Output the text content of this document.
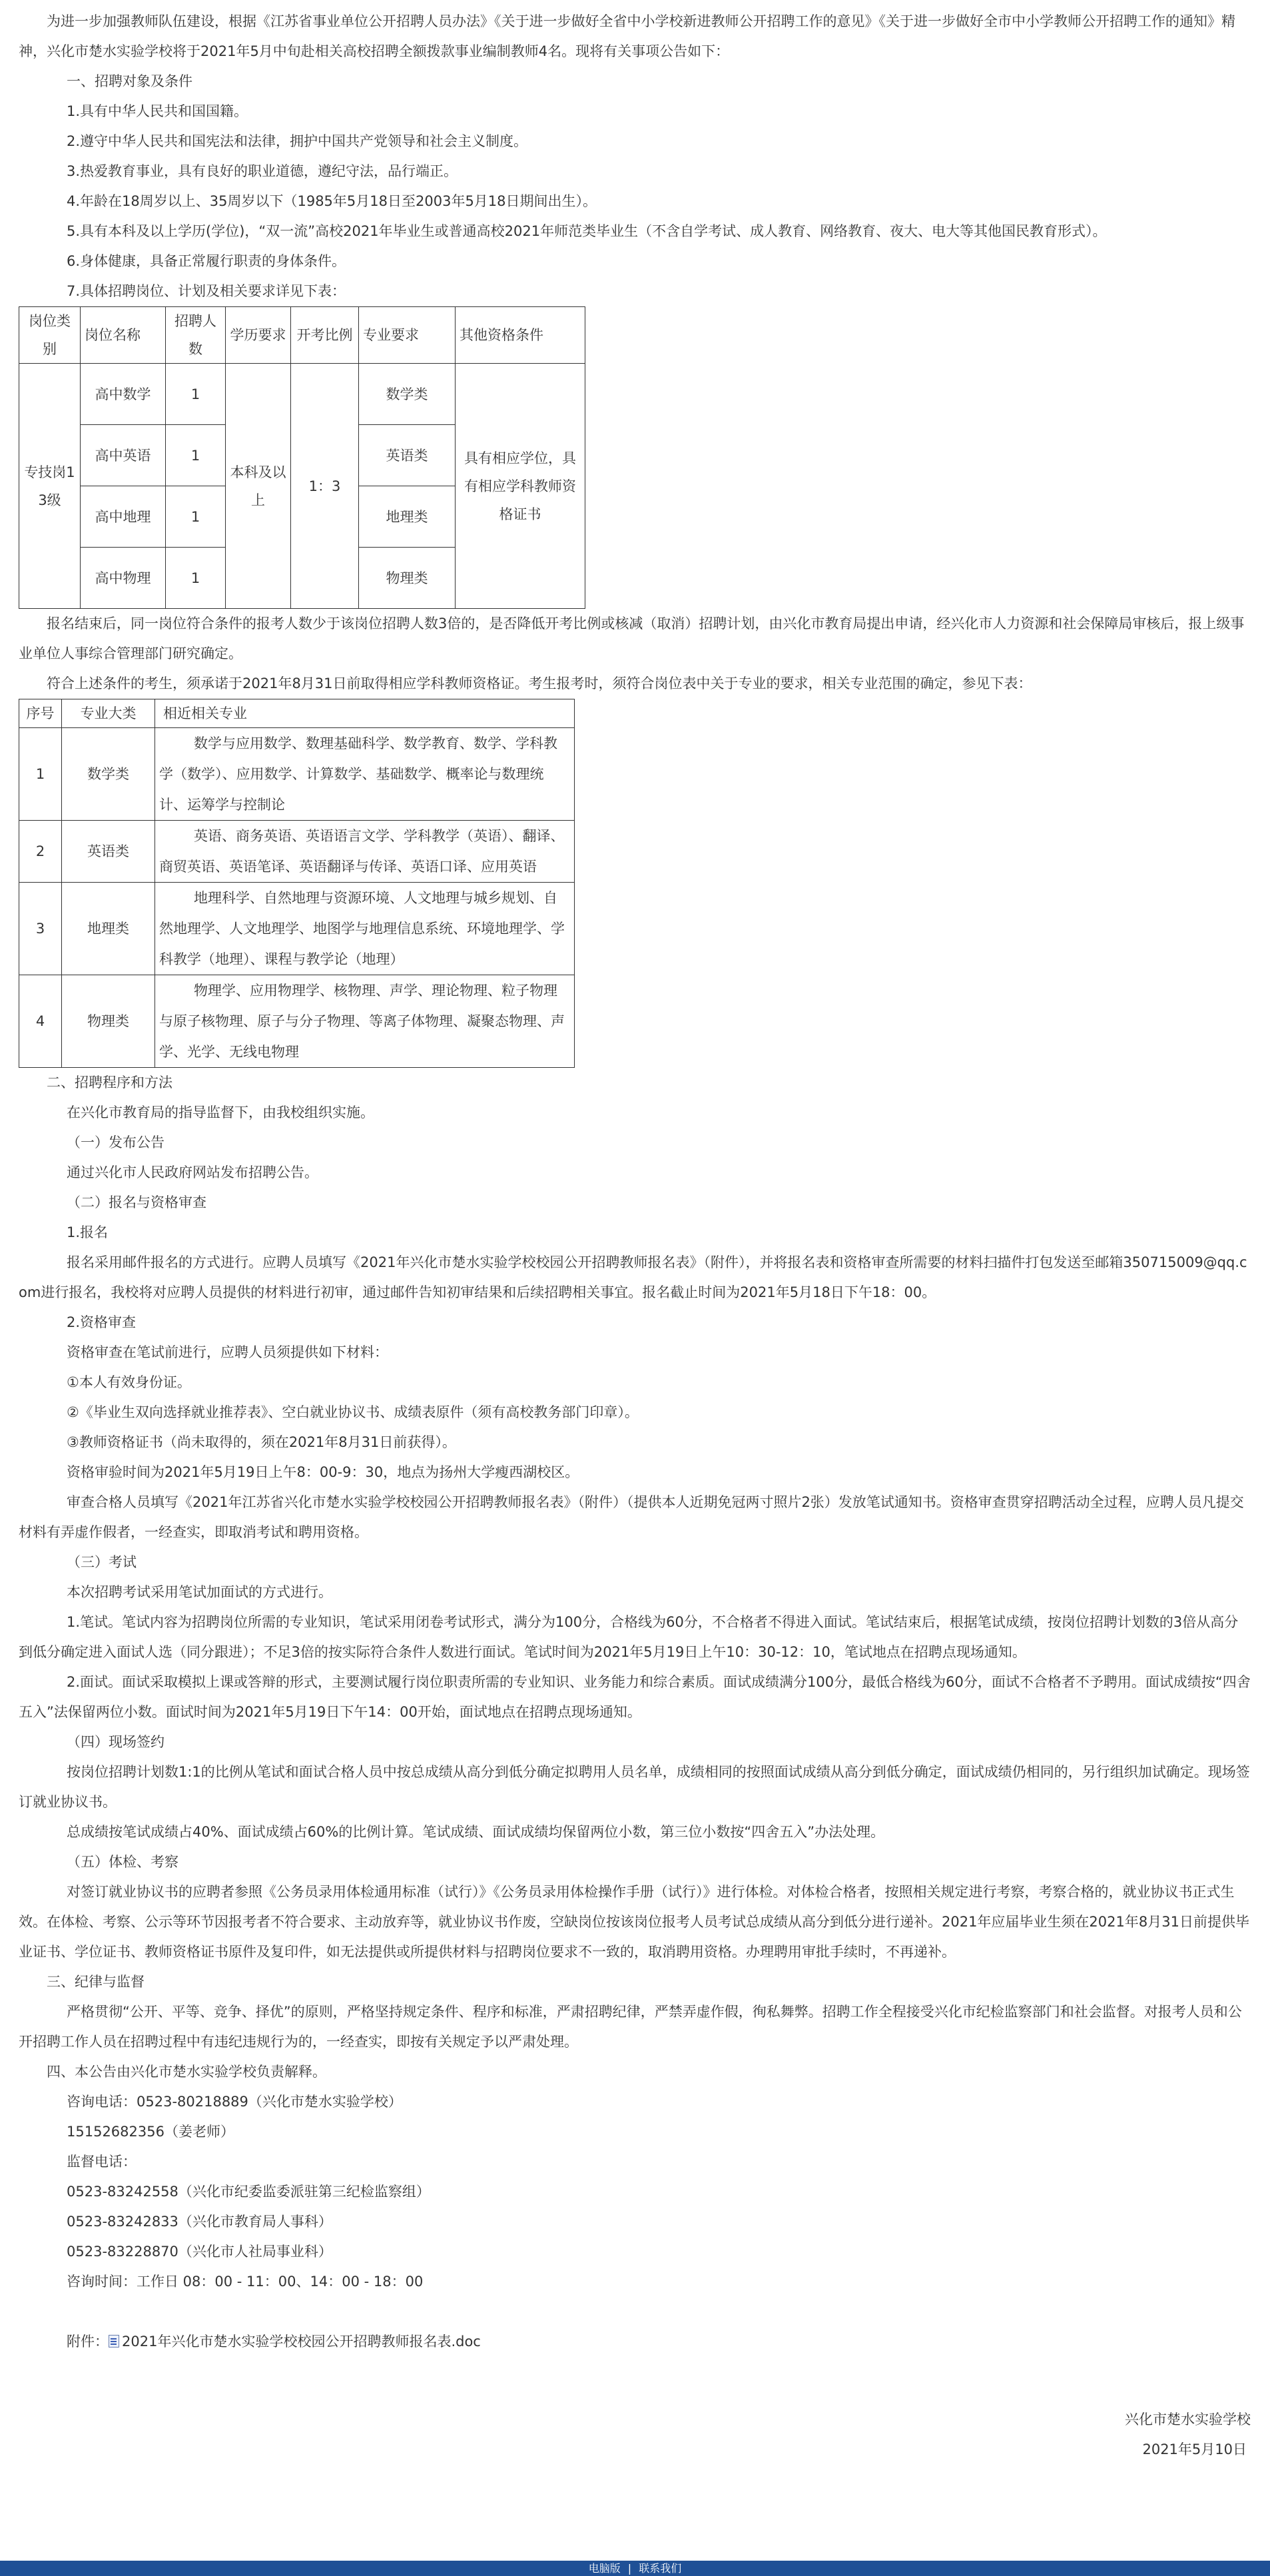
为进一步加强教师队伍建设，根据《江苏省事业单位公开招聘人员办法》《关于进一步做好全省中小学校新进教师公开招聘工作的意见》《关于进一步做好全市中小学教师公开招聘工作的通知》精神，兴化市楚水实验学校将于2021年5月中旬赴相关高校招聘全额拨款事业编制教师4名。现将有关事项公告如下：

一、招聘对象及条件

1.具有中华人民共和国国籍。

2.遵守中华人民共和国宪法和法律，拥护中国共产党领导和社会主义制度。

3.热爱教育事业，具有良好的职业道德，遵纪守法，品行端正。

4.年龄在18周岁以上、35周岁以下（1985年5月18日至2003年5月18日期间出生）。

5.具有本科及以上学历(学位)，“双一流”高校2021年毕业生或普通高校2021年师范类毕业生（不含自学考试、成人教育、网络教育、夜大、电大等其他国民教育形式）。

6.身体健康，具备正常履行职责的身体条件。

7.具体招聘岗位、计划及相关要求详见下表：

岗位类别	岗位名称	招聘人数	学历要求	开考比例	专业要求	其他资格条件
专技岗13级	高中数学	1	本科及以上	1：3	数学类	具有相应学位，具有相应学科教师资格证书
	高中英语	1			英语类	
	高中地理	1			地理类	
	高中物理	1			物理类	

报名结束后，同一岗位符合条件的报考人数少于该岗位招聘人数3倍的，是否降低开考比例或核减（取消）招聘计划，由兴化市教育局提出申请，经兴化市人力资源和社会保障局审核后，报上级事业单位人事综合管理部门研究确定。

符合上述条件的考生，须承诺于2021年8月31日前取得相应学科教师资格证。考生报考时，须符合岗位表中关于专业的要求，相关专业范围的确定，参见下表：

序号	专业大类	相近相关专业
1	数学类	数学与应用数学、数理基础科学、数学教育、数学、学科教学（数学）、应用数学、计算数学、基础数学、概率论与数理统计、运筹学与控制论
2	英语类	英语、商务英语、英语语言文学、学科教学（英语）、翻译、商贸英语、英语笔译、英语翻译与传译、英语口译、应用英语
3	地理类	地理科学、自然地理与资源环境、人文地理与城乡规划、自然地理学、人文地理学、地图学与地理信息系统、环境地理学、学科教学（地理）、课程与教学论（地理）
4	物理类	物理学、应用物理学、核物理、声学、理论物理、粒子物理与原子核物理、原子与分子物理、等离子体物理、凝聚态物理、声学、光学、无线电物理

二、招聘程序和方法

在兴化市教育局的指导监督下，由我校组织实施。

（一）发布公告

通过兴化市人民政府网站发布招聘公告。

（二）报名与资格审查

1.报名

报名采用邮件报名的方式进行。应聘人员填写《2021年兴化市楚水实验学校校园公开招聘教师报名表》（附件），并将报名表和资格审查所需要的材料扫描件打包发送至邮箱350715009@qq.com进行报名，我校将对应聘人员提供的材料进行初审，通过邮件告知初审结果和后续招聘相关事宜。报名截止时间为2021年5月18日下午18：00。

2.资格审查

资格审查在笔试前进行，应聘人员须提供如下材料：

①本人有效身份证。

②《毕业生双向选择就业推荐表》、空白就业协议书、成绩表原件（须有高校教务部门印章）。

③教师资格证书（尚未取得的，须在2021年8月31日前获得）。

资格审验时间为2021年5月19日上午8：00-9：30，地点为扬州大学瘦西湖校区。

审查合格人员填写《2021年江苏省兴化市楚水实验学校校园公开招聘教师报名表》（附件）（提供本人近期免冠两寸照片2张）发放笔试通知书。资格审查贯穿招聘活动全过程，应聘人员凡提交材料有弄虚作假者，一经查实，即取消考试和聘用资格。

（三）考试

本次招聘考试采用笔试加面试的方式进行。

1.笔试。笔试内容为招聘岗位所需的专业知识，笔试采用闭卷考试形式，满分为100分，合格线为60分，不合格者不得进入面试。笔试结束后，根据笔试成绩，按岗位招聘计划数的3倍从高分到低分确定进入面试人选（同分跟进）；不足3倍的按实际符合条件人数进行面试。笔试时间为2021年5月19日上午10：30-12：10，笔试地点在招聘点现场通知。

2.面试。面试采取模拟上课或答辩的形式，主要测试履行岗位职责所需的专业知识、业务能力和综合素质。面试成绩满分100分，最低合格线为60分，面试不合格者不予聘用。面试成绩按“四舍五入”法保留两位小数。面试时间为2021年5月19日下午14：00开始，面试地点在招聘点现场通知。

（四）现场签约

按岗位招聘计划数1:1的比例从笔试和面试合格人员中按总成绩从高分到低分确定拟聘用人员名单，成绩相同的按照面试成绩从高分到低分确定，面试成绩仍相同的，另行组织加试确定。现场签订就业协议书。

总成绩按笔试成绩占40%、面试成绩占60%的比例计算。笔试成绩、面试成绩均保留两位小数，第三位小数按“四舍五入”办法处理。

（五）体检、考察

对签订就业协议书的应聘者参照《公务员录用体检通用标准（试行）》《公务员录用体检操作手册（试行）》进行体检。对体检合格者，按照相关规定进行考察，考察合格的，就业协议书正式生效。在体检、考察、公示等环节因报考者不符合要求、主动放弃等，就业协议书作废，空缺岗位按该岗位报考人员考试总成绩从高分到低分进行递补。2021年应届毕业生须在2021年8月31日前提供毕业证书、学位证书、教师资格证书原件及复印件，如无法提供或所提供材料与招聘岗位要求不一致的，取消聘用资格。办理聘用审批手续时，不再递补。

三、纪律与监督

严格贯彻“公开、平等、竞争、择优”的原则，严格坚持规定条件、程序和标准，严肃招聘纪律，严禁弄虚作假，徇私舞弊。招聘工作全程接受兴化市纪检监察部门和社会监督。对报考人员和公开招聘工作人员在招聘过程中有违纪违规行为的，一经查实，即按有关规定予以严肃处理。

四、本公告由兴化市楚水实验学校负责解释。

咨询电话：0523-80218889（兴化市楚水实验学校）

15152682356（姜老师）

监督电话：

0523-83242558（兴化市纪委监委派驻第三纪检监察组）

0523-83242833（兴化市教育局人事科）

0523-83228870（兴化市人社局事业科）

咨询时间：工作日 08：00 - 11：00、14：00 - 18：00

附件： 2021年兴化市楚水实验学校校园公开招聘教师报名表.doc

兴化市楚水实验学校

2021年5月10日

电脑版 | 联系我们
